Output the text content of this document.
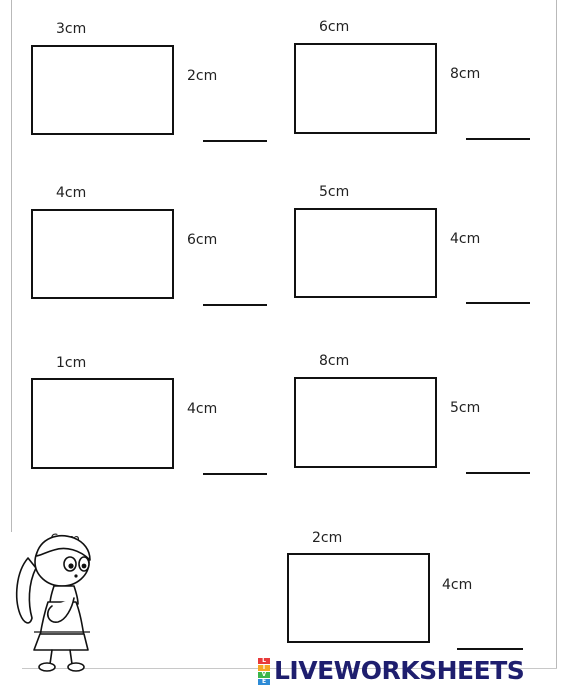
3cm
2cm
6cm
8cm
4cm
6cm
5cm
4cm
1cm
4cm
8cm
5cm
2cm
4cm
L
I
V
E LIVEWORKSHEETS
